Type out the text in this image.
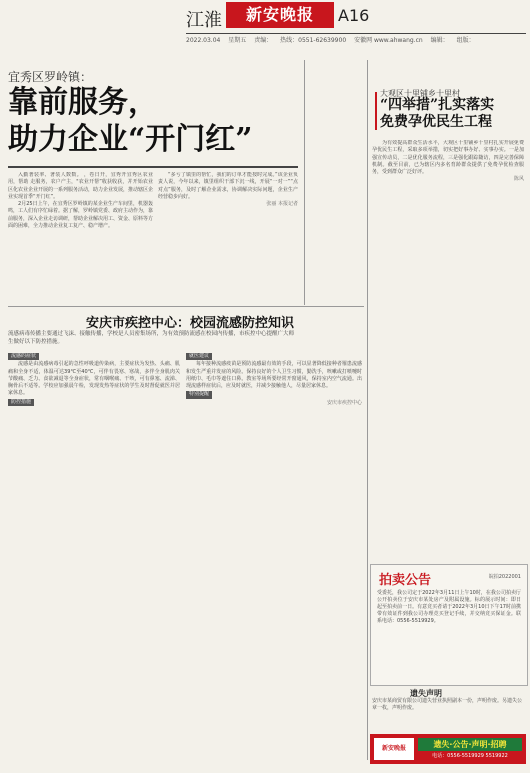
江淮	新安晚报	A16
2022.03.04 星期五 责编： 热线：0551-62639900 安徽网 www.ahwang.cn 编辑： 组版：
宜秀区罗岭镇：
靠前服务，
助力企业“开门红”

入勤著装率、著装人数数。 ，卷日开，宜秀开宜秀区农业用，帮助 走服务，农户产主，"农业开帮”收获收获，并开始农业区化农业企业开展的一系列服务活动，助力企业发展，推动辖区企业实现首季“开门红”。

2月25日上午，在宜秀区罗岭镇的某企业生产车间里，机器轰鸣，工人们有序忙碌着。据了解，罗岭镇党委、政府主动作为，靠前服务，深入企业走访调研，帮助企业解决用工、资金、原料等方面的困难，全力推动企业复工复产、稳产增产。

“多亏了镇里的帮忙，我们的订单才能按时完成。”该企业负责人说，今年以来，镇里组织干部下沉一线，开展“一对一”“点对点”服务，及时了解企业需求，协调解决实际问题，企业生产经营稳步向好。

张丽 本报记者
大观区十里铺乡十里村
“四举措”扎实落实
免费孕优民生工程

为有效提高群众生活水平，大观区十里铺乡十里村扎实开展免费孕优民生工程，采取多项举措，切实把好事办好、实事办实。一是加强宣传动员，二是优化服务流程，三是强化跟踪随访，四是完善保障机制。截至目前，已为辖区内多名育龄群众提供了免费孕优检查服务，受到群众广泛好评。

陈风
安庆市疾控中心：校园流感防控知识
流感病毒传播主要通过飞沫、接触传播，学校是人员密集场所，为有效预防流感在校园内传播，市疾控中心提醒广大师生做好以下防控措施。
流感的症状

流感是由流感病毒引起的急性呼吸道传染病，主要症状为发热、头痛、肌痛和全身不适，体温可达39℃至40℃，可伴有畏寒、寒战，多伴全身肌肉关节酸痛、乏力、食欲减退等全身症状，常有咽喉痛、干咳，可有鼻塞、流涕、胸骨后不适等。学校应加强晨午检，发现发热等症状的学生及时督促就医并居家休息。

防控措施
就医建议

每年接种流感疫苗是预防流感最有效的手段，可以显著降低接种者罹患流感和发生严重并发症的风险。保持良好的个人卫生习惯，勤洗手，咳嗽或打喷嚏时用纸巾、毛巾等遮住口鼻。教室等场所要经常开窗通风，保持室内空气流通。出现流感样症状后，应及时就医，并减少接触他人，尽量居家休息。

特别提醒
安庆市疾控中心
拍卖公告	皖拍2022001
受委托，我公司定于2022年3月11日上午10时，在我公司拍卖厅公开拍卖位于安庆市某处房产及附属设施。标的展示时间：即日起至拍卖前一日。有意竞买者请于2022年3月10日下午17时前携带有效证件到我公司办理竞买登记手续，并交纳竞买保证金。联系电话：0556-5519929。
遗失声明
安庆市某商贸有限公司遗失营业执照副本一份，声明作废。另遗失公章一枚，声明作废。
新安晚报	遗失·公告·声明·招聘
电话：0556-5519929 5519922
